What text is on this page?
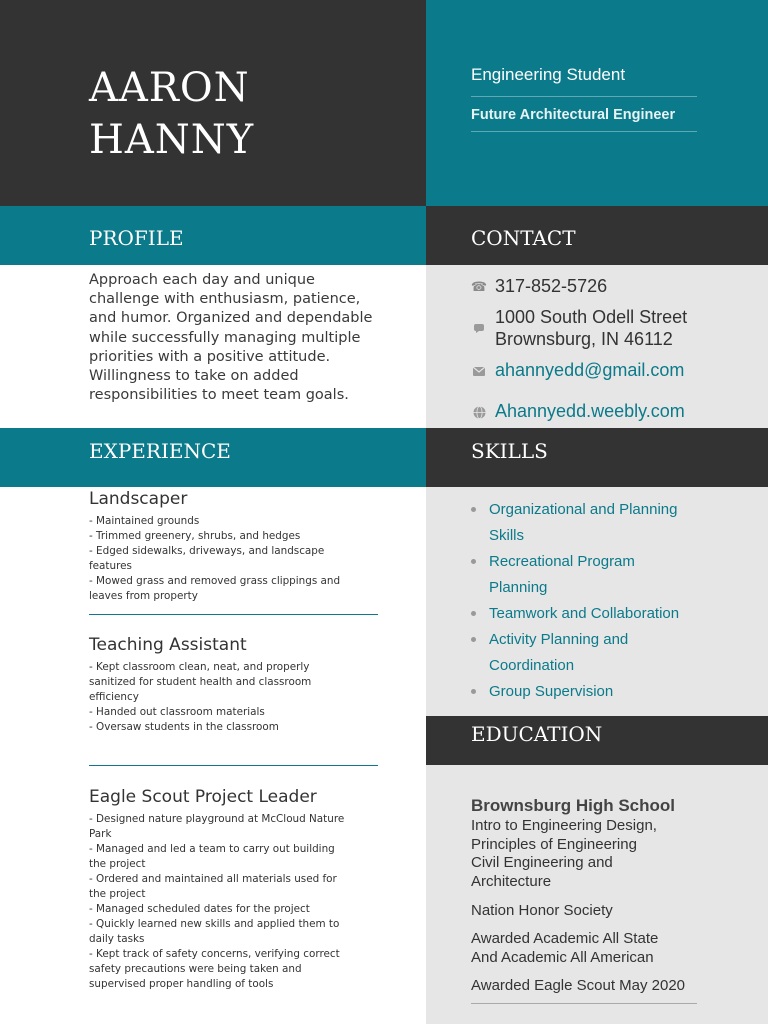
AARON
HANNY
Engineering Student
Future Architectural Engineer
PROFILE	CONTACT
EXPERIENCE	SKILLS
EDUCATION
Approach each day and unique challenge with enthusiasm, patience, and humor. Organized and dependable while successfully managing multiple priorities with a positive attitude. Willingness to take on added responsibilities to meet team goals.
☎ 317-852-5726
1000 South Odell Street
Brownsburg, IN 46112
ahannyedd@gmail.com
Ahannyedd.weebly.com
Landscaper
- Maintained grounds
- Trimmed greenery, shrubs, and hedges
- Edged sidewalks, driveways, and landscape
features
- Mowed grass and removed grass clippings and
leaves from property
Teaching Assistant
- Kept classroom clean, neat, and properly
sanitized for student health and classroom
efficiency
- Handed out classroom materials
- Oversaw students in the classroom
Eagle Scout Project Leader
- Designed nature playground at McCloud Nature
Park
- Managed and led a team to carry out building
the project
- Ordered and maintained all materials used for
the project
- Managed scheduled dates for the project
- Quickly learned new skills and applied them to
daily tasks
- Kept track of safety concerns, verifying correct
safety precautions were being taken and
supervised proper handling of tools
Organizational and Planning
Skills
Recreational Program
Planning
Teamwork and Collaboration
Activity Planning and
Coordination
Group Supervision
Brownsburg High School
Intro to Engineering Design,
Principles of Engineering
Civil Engineering and
Architecture
Nation Honor Society
Awarded Academic All State
And Academic All American
Awarded Eagle Scout May 2020
